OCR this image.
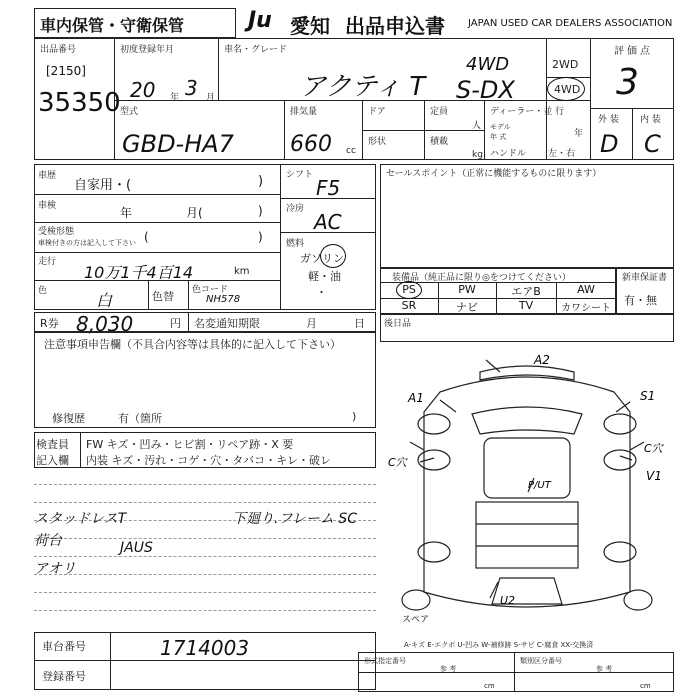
車内保管・守衛保管	Ju 愛知 出品申込書 JAPAN USED CAR DEALERS ASSOCIATION
出品番号
[2150]
35350
初度登録年月
20 年 3 月
車名・グレード
アクティ T
4WD
S-DX
2WD
4WD
型式
GBD-HA7
排気量
660 cc
ドア
形状
定員
人
積載
kg
ディーラー・並 行
モデル
年 式	年
ハンドル 左・右
評価点
3
外 装 内 装
D C
車歴
自家用・(	)
車検	年	月(	)
受検形態
車検付きの方は記入して下さい (	)
走行
10万1千4百14	km
色	白	色替 色コード
NH578
シフト
F5
冷房
AC
燃料
ガソリン
軽・油
・
セールスポイント（正常に機能するものに限ります）
装備品（純正品に限り◎をつけてください）
PS	PW	エアB	AW
SR	ナビ	TV	カワシート
新車保証書
有・無
R券 8,030	円 名変通知期限	月	日 後日品
注意事項申告欄（不具合内容等は具体的に記入して下さい）
修復歴	有（箇所	)
検査員
記入欄
FW キズ・凹み・ヒビ割・リペア跡・X 要
内装 キズ・汚れ・コゲ・穴・タバコ・キレ・破レ
スタッドレスT
荷台
アオリ
JAUS
下廻り.フレーム SC
A2
A1	S1
C穴
C穴
V1
P/UT
U2
スペア
A-キズ E-エクボ U-凹み W-補修跡 S-サビ C-腐食 XX-交換済
車台番号	1714003
登録番号
形式指定番号
参 考
類別区分番号
参 考
cm	cm
